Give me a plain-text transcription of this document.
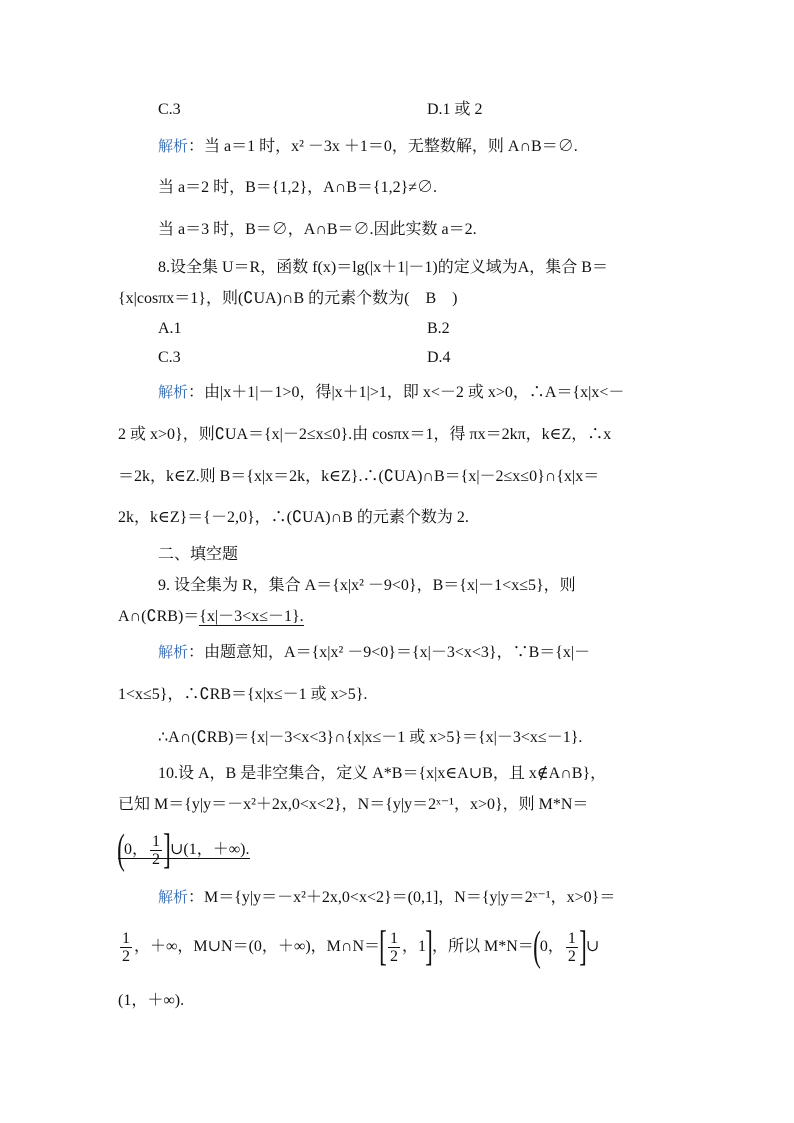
C.3	D.1 或 2
解析：当 a＝1 时，x² －3x ＋1＝0，无整数解，则 A∩B＝∅.
当 a＝2 时，B＝{1,2}，A∩B＝{1,2}≠∅.
当 a＝3 时，B＝∅，A∩B＝∅.因此实数 a＝2.
8.设全集 U＝R，函数 f(x)＝lg(|x＋1|－1)的定义域为A，集合 B＝
{x|cosπx＝1}，则(∁UA)∩B 的元素个数为(　B　)
A.1	B.2
C.3	D.4
解析：由|x＋1|－1>0，得|x＋1|>1，即 x<－2 或 x>0，∴A＝{x|x<－
2 或 x>0}，则∁UA＝{x|－2≤x≤0}.由 cosπx＝1，得 πx＝2kπ，k∈Z，∴x
＝2k，k∈Z.则 B＝{x|x＝2k，k∈Z}.∴(∁UA)∩B＝{x|－2≤x≤0}∩{x|x＝
2k，k∈Z}＝{－2,0}，∴(∁UA)∩B 的元素个数为 2.
二、填空题
9. 设全集为 R，集合 A＝{x|x² －9<0}，B＝{x|－1<x≤5}，则
A∩(∁RB)＝{x|－3<x≤－1}.
解析：由题意知，A＝{x|x² －9<0}＝{x|－3<x<3}，∵B＝{x|－
1<x≤5}，∴∁RB＝{x|x≤－1 或 x>5}.
∴A∩(∁RB)＝{x|－3<x<3}∩{x|x≤－1 或 x>5}＝{x|－3<x≤－1}.
10.设 A，B 是非空集合，定义 A*B＝{x|x∈A∪B，且 x∉A∩B}，
已知 M＝{y|y＝－x²＋2x,0<x<2}，N＝{y|y＝2ˣ⁻¹，x>0}，则 M*N＝
(0， $\frac{1}{2}$ ]∪(1，＋∞).
解析：M＝{y|y＝－x²＋2x,0<x<2}＝(0,1]，N＝{y|y＝2ˣ⁻¹，x>0}＝
$\frac{1}{2}$ ，＋∞，M∪N＝(0，＋∞)，M∩N＝[ $\frac{1}{2}$ ，1]，所以 M*N＝(0， $\frac{1}{2}$ ]∪
(1，＋∞).
